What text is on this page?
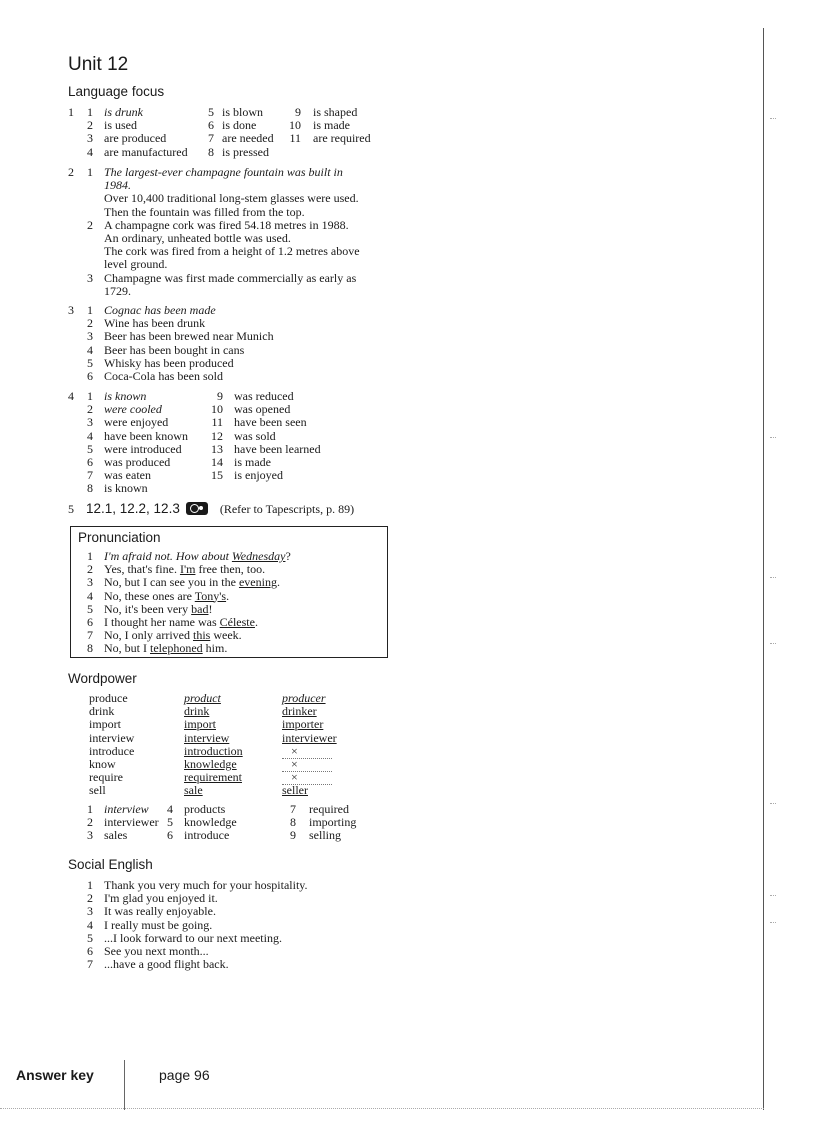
Unit 12
Language focus
1	1 is drunk	5 is blown	9 is shaped
2 is used	6 is done	10 is made
3 are produced	7 are needed 11 are required
4 are manufactured	8 is pressed
2	1 The largest-ever champagne fountain was built in
1984.
Over 10,400 traditional long-stem glasses were used.
Then the fountain was filled from the top.
2 A champagne cork was fired 54.18 metres in 1988.
An ordinary, unheated bottle was used.
The cork was fired from a height of 1.2 metres above
level ground.
3 Champagne was first made commercially as early as
1729.
3	1 Cognac has been made
2 Wine has been drunk
3 Beer has been brewed near Munich
4 Beer has been bought in cans
5 Whisky has been produced
6 Coca-Cola has been sold
4	1 is known	9 was reduced
2 were cooled	10 was opened
3 were enjoyed	11 have been seen
4 have been known	12 was sold
5 were introduced	13 have been learned
6 was produced	14 is made
7 was eaten	15 is enjoyed
8 is known
5 12.1, 12.2, 12.3	(Refer to Tapescripts, p. 89)
Pronunciation
1 I'm afraid not. How about Wednesday?
2 Yes, that's fine. I'm free then, too.
3 No, but I can see you in the evening.
4 No, these ones are Tony's.
5 No, it's been very bad!
6 I thought her name was Céleste.
7 No, I only arrived this week.
8 No, but I telephoned him.
Wordpower
produce	product	producer
drink	drink	drinker
import	import	importer
interview	interview	interviewer
introduce	introduction	×
know	knowledge	×
require	requirement	×
sell	sale	seller
1 interview	4 products	7 required
2 interviewer 5 knowledge	8 importing
3 sales	6 introduce	9 selling
Social English
1 Thank you very much for your hospitality.
2 I'm glad you enjoyed it.
3 It was really enjoyable.
4 I really must be going.
5 ...I look forward to our next meeting.
6 See you next month...
7 ...have a good flight back.
Answer key	page 96
